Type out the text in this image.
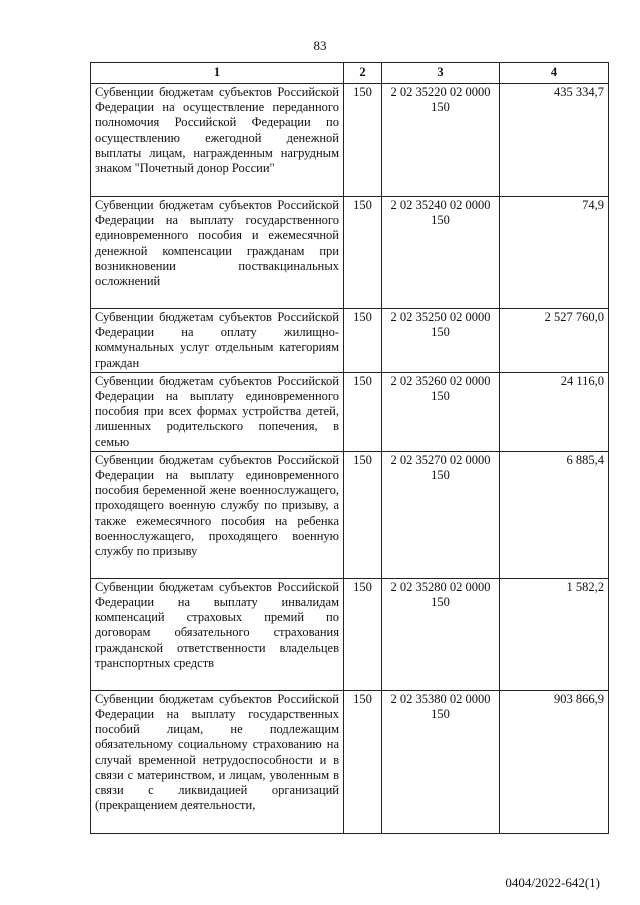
83
1	2	3	4
Субвенции бюджетам субъектов Российской Федерации на осуществление переданного полномочия Российской Федерации по осуществлению ежегодной денежной выплаты лицам, награжденным нагрудным знаком "Почетный донор России"	150	2 02 35220 02 0000 150	435 334,7
Субвенции бюджетам субъектов Российской Федерации на выплату государственного единовременного пособия и ежемесячной денежной компенсации гражданам при возникновении поствакцинальных осложнений	150	2 02 35240 02 0000 150	74,9
Субвенции бюджетам субъектов Российской Федерации на оплату жилищно-коммунальных услуг отдельным категориям граждан	150	2 02 35250 02 0000 150	2 527 760,0
Субвенции бюджетам субъектов Российской Федерации на выплату единовременного пособия при всех формах устройства детей, лишенных родительского попечения, в семью	150	2 02 35260 02 0000 150	24 116,0
Субвенции бюджетам субъектов Российской Федерации на выплату единовременного пособия беременной жене военнослужащего, проходящего военную службу по призыву, а также ежемесячного пособия на ребенка военнослужащего, проходящего военную службу по призыву	150	2 02 35270 02 0000 150	6 885,4
Субвенции бюджетам субъектов Российской Федерации на выплату инвалидам компенсаций страховых премий по договорам обязательного страхования гражданской ответственности владельцев транспортных средств	150	2 02 35280 02 0000 150	1 582,2
Субвенции бюджетам субъектов Российской Федерации на выплату государственных пособий лицам, не подлежащим обязательному социальному страхованию на случай временной нетрудоспособности и в связи с материнством, и лицам, уволенным в связи с ликвидацией организаций (прекращением деятельности,	150	2 02 35380 02 0000 150	903 866,9
0404/2022-642(1)
